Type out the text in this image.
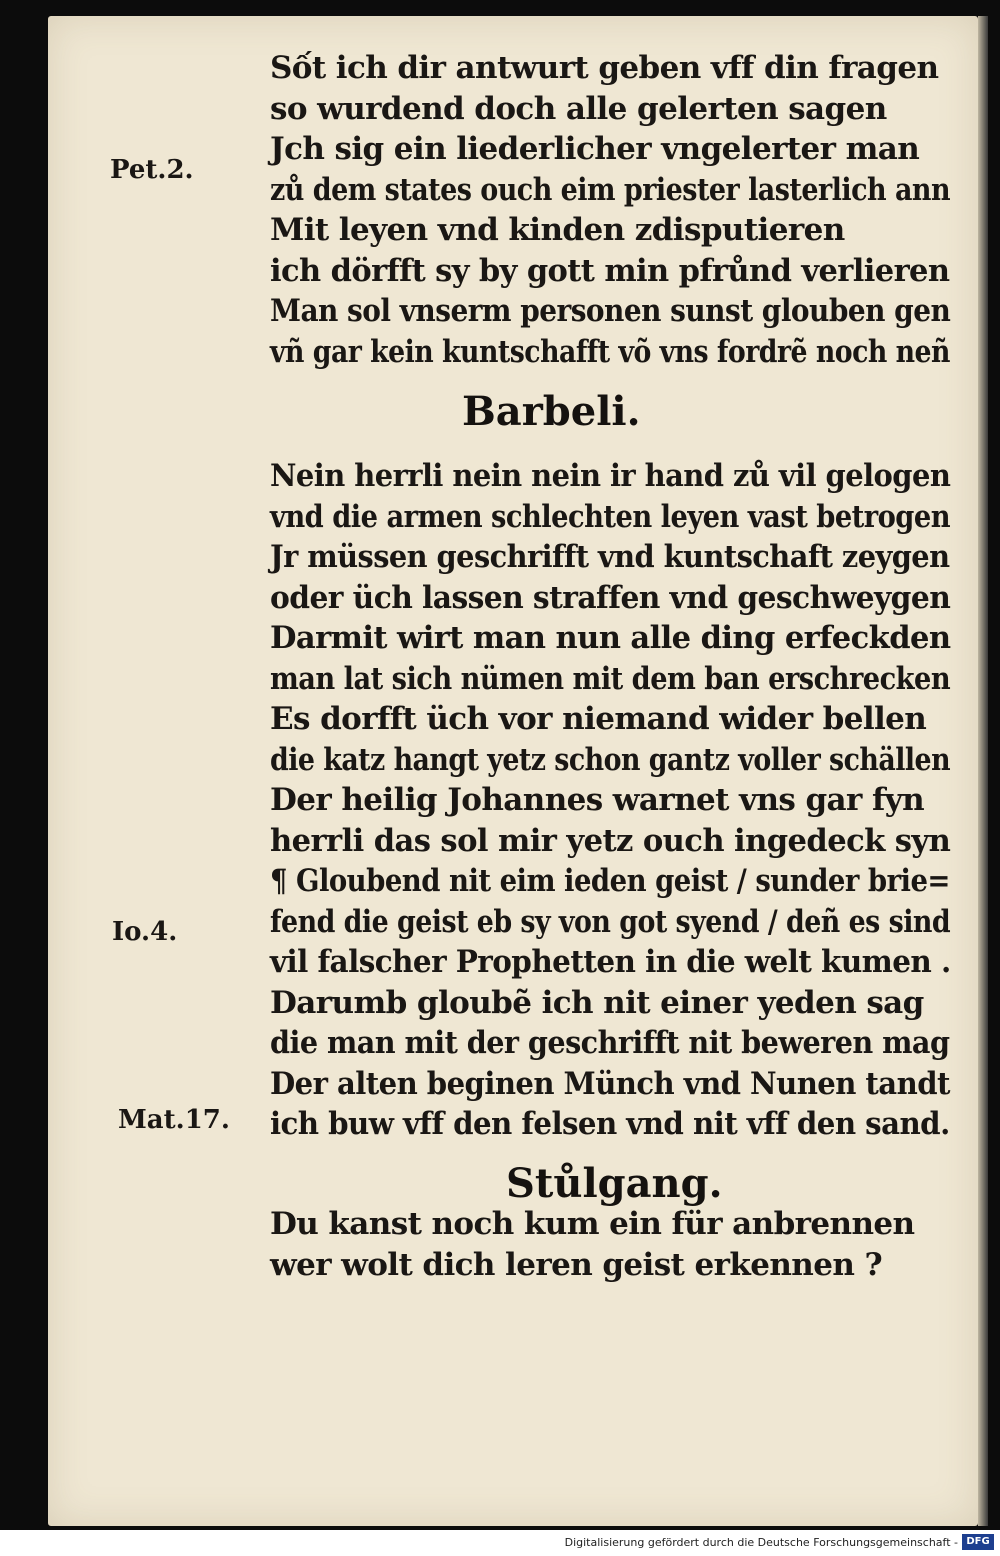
Pet.2.
Io.4.
Mat.17.
Sốt ich dir antwurt geben vff din fragen
so wurdend doch alle gelerten sagen
Jch sig ein liederlicher vngelerter man
zů dem states ouch eim priester lasterlich ann
Mit leyen vnd kinden zdisputieren
ich dörfft sy by gott min pfrůnd verlieren
Man sol vnserm personen sunst glouben gen
vñ gar kein kuntschafft võ vns fordrẽ noch neñ
Barbeli.
Nein herrli nein nein ir hand zů vil gelogen
vnd die armen schlechten leyen vast betrogen
Jr müssen geschrifft vnd kuntschaft zeygen
oder üch lassen straffen vnd geschweygen
Darmit wirt man nun alle ding erfeckden
man lat sich nümen mit dem ban erschrecken
Es dorfft üch vor niemand wider bellen
die katz hangt yetz schon gantz voller schällen
Der heilig Johannes warnet vns gar fyn
herrli das sol mir yetz ouch ingedeck syn
¶ Gloubend nit eim ieden geist / sunder brie=
fend die geist eb sy von got syend / deñ es sind
vil falscher Prophetten in die welt kumen .
Darumb gloubẽ ich nit einer yeden sag
die man mit der geschrifft nit beweren mag
Der alten beginen Münch vnd Nunen tandt
ich buw vff den felsen vnd nit vff den sand.
Stůlgang.
Du kanst noch kum ein für anbrennen
wer wolt dich leren geist erkennen ?
Digitalisierung gefördert durch die Deutsche Forschungsgemeinschaft - DFG
